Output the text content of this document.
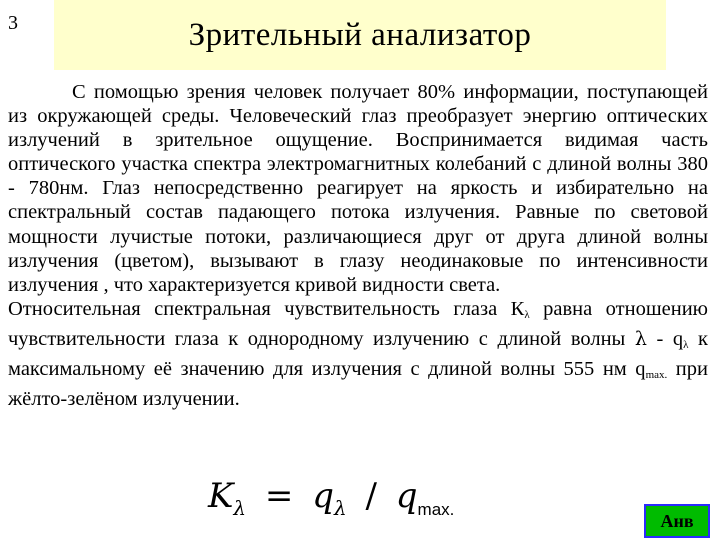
3	Зрительный анализатор

С помощью зрения человек получает 80% информации, поступающей из окружающей среды. Человеческий глаз преобразует энергию оптических излучений в зрительное ощущение. Воспринимается видимая часть оптического участка спектра электромагнитных колебаний с длиной волны 380 - 780нм. Глаз непосредственно реагирует на яркость и избирательно на спектральный состав падающего потока излучения. Равные по световой мощности лучистые потоки, различающиеся друг от друга длиной волны излучения (цветом), вызывают в глазу неодинаковые по интенсивности излучения , что характеризуется кривой видности света.

Относительная спектральная чувствительность глаза $К_\lambda$ равна отношению чувствительности глаза к однородному излучению с длиной волны λ - $q_\lambda$ к максимальному её значению для излучения с длиной волны 555 нм $q_{max.}$ при жёлто-зелёном излучении.

$K_\lambda = q_\lambda / q_{max.}$
Анв
